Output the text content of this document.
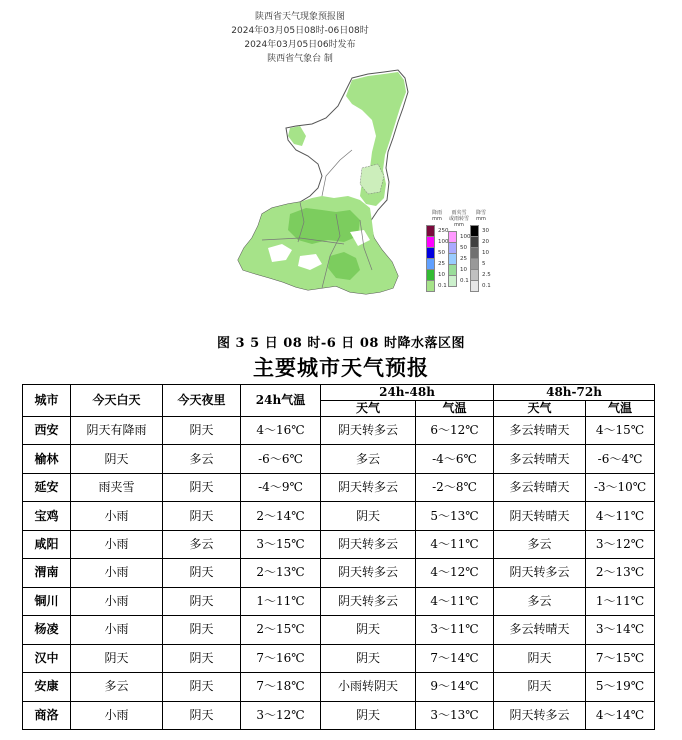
陕西省天气现象预报图
2024年03月05日08时-06日08时
2024年03月05日06时发布
陕西省气象台 制
降雨
mm
250
100
50
25
10
0.1
雨夹雪
或雨转雪
mm
100
50
25
10
0.1
降雪
mm
30
20
10
5
2.5
0.1
图 3 5 日 08 时-6 日 08 时降水落区图
主要城市天气预报
城市	今天白天	今天夜里	24h气温	24h-48h		48h-72h	
				天气	气温	天气	气温
西安	阴天有降雨	阴天	4～16℃	阴天转多云	6～12℃	多云转晴天	4～15℃
榆林	阴天	多云	-6～6℃	多云	-4～6℃	多云转晴天	-6～4℃
延安	雨夹雪	阴天	-4～9℃	阴天转多云	-2～8℃	多云转晴天	-3～10℃
宝鸡	小雨	阴天	2～14℃	阴天	5～13℃	阴天转晴天	4～11℃
咸阳	小雨	多云	3～15℃	阴天转多云	4～11℃	多云	3～12℃
渭南	小雨	阴天	2～13℃	阴天转多云	4～12℃	阴天转多云	2～13℃
铜川	小雨	阴天	1～11℃	阴天转多云	4～11℃	多云	1～11℃
杨凌	小雨	阴天	2～15℃	阴天	3～11℃	多云转晴天	3～14℃
汉中	阴天	阴天	7～16℃	阴天	7～14℃	阴天	7～15℃
安康	多云	阴天	7～18℃	小雨转阴天	9～14℃	阴天	5～19℃
商洛	小雨	阴天	3～12℃	阴天	3～13℃	阴天转多云	4～14℃
